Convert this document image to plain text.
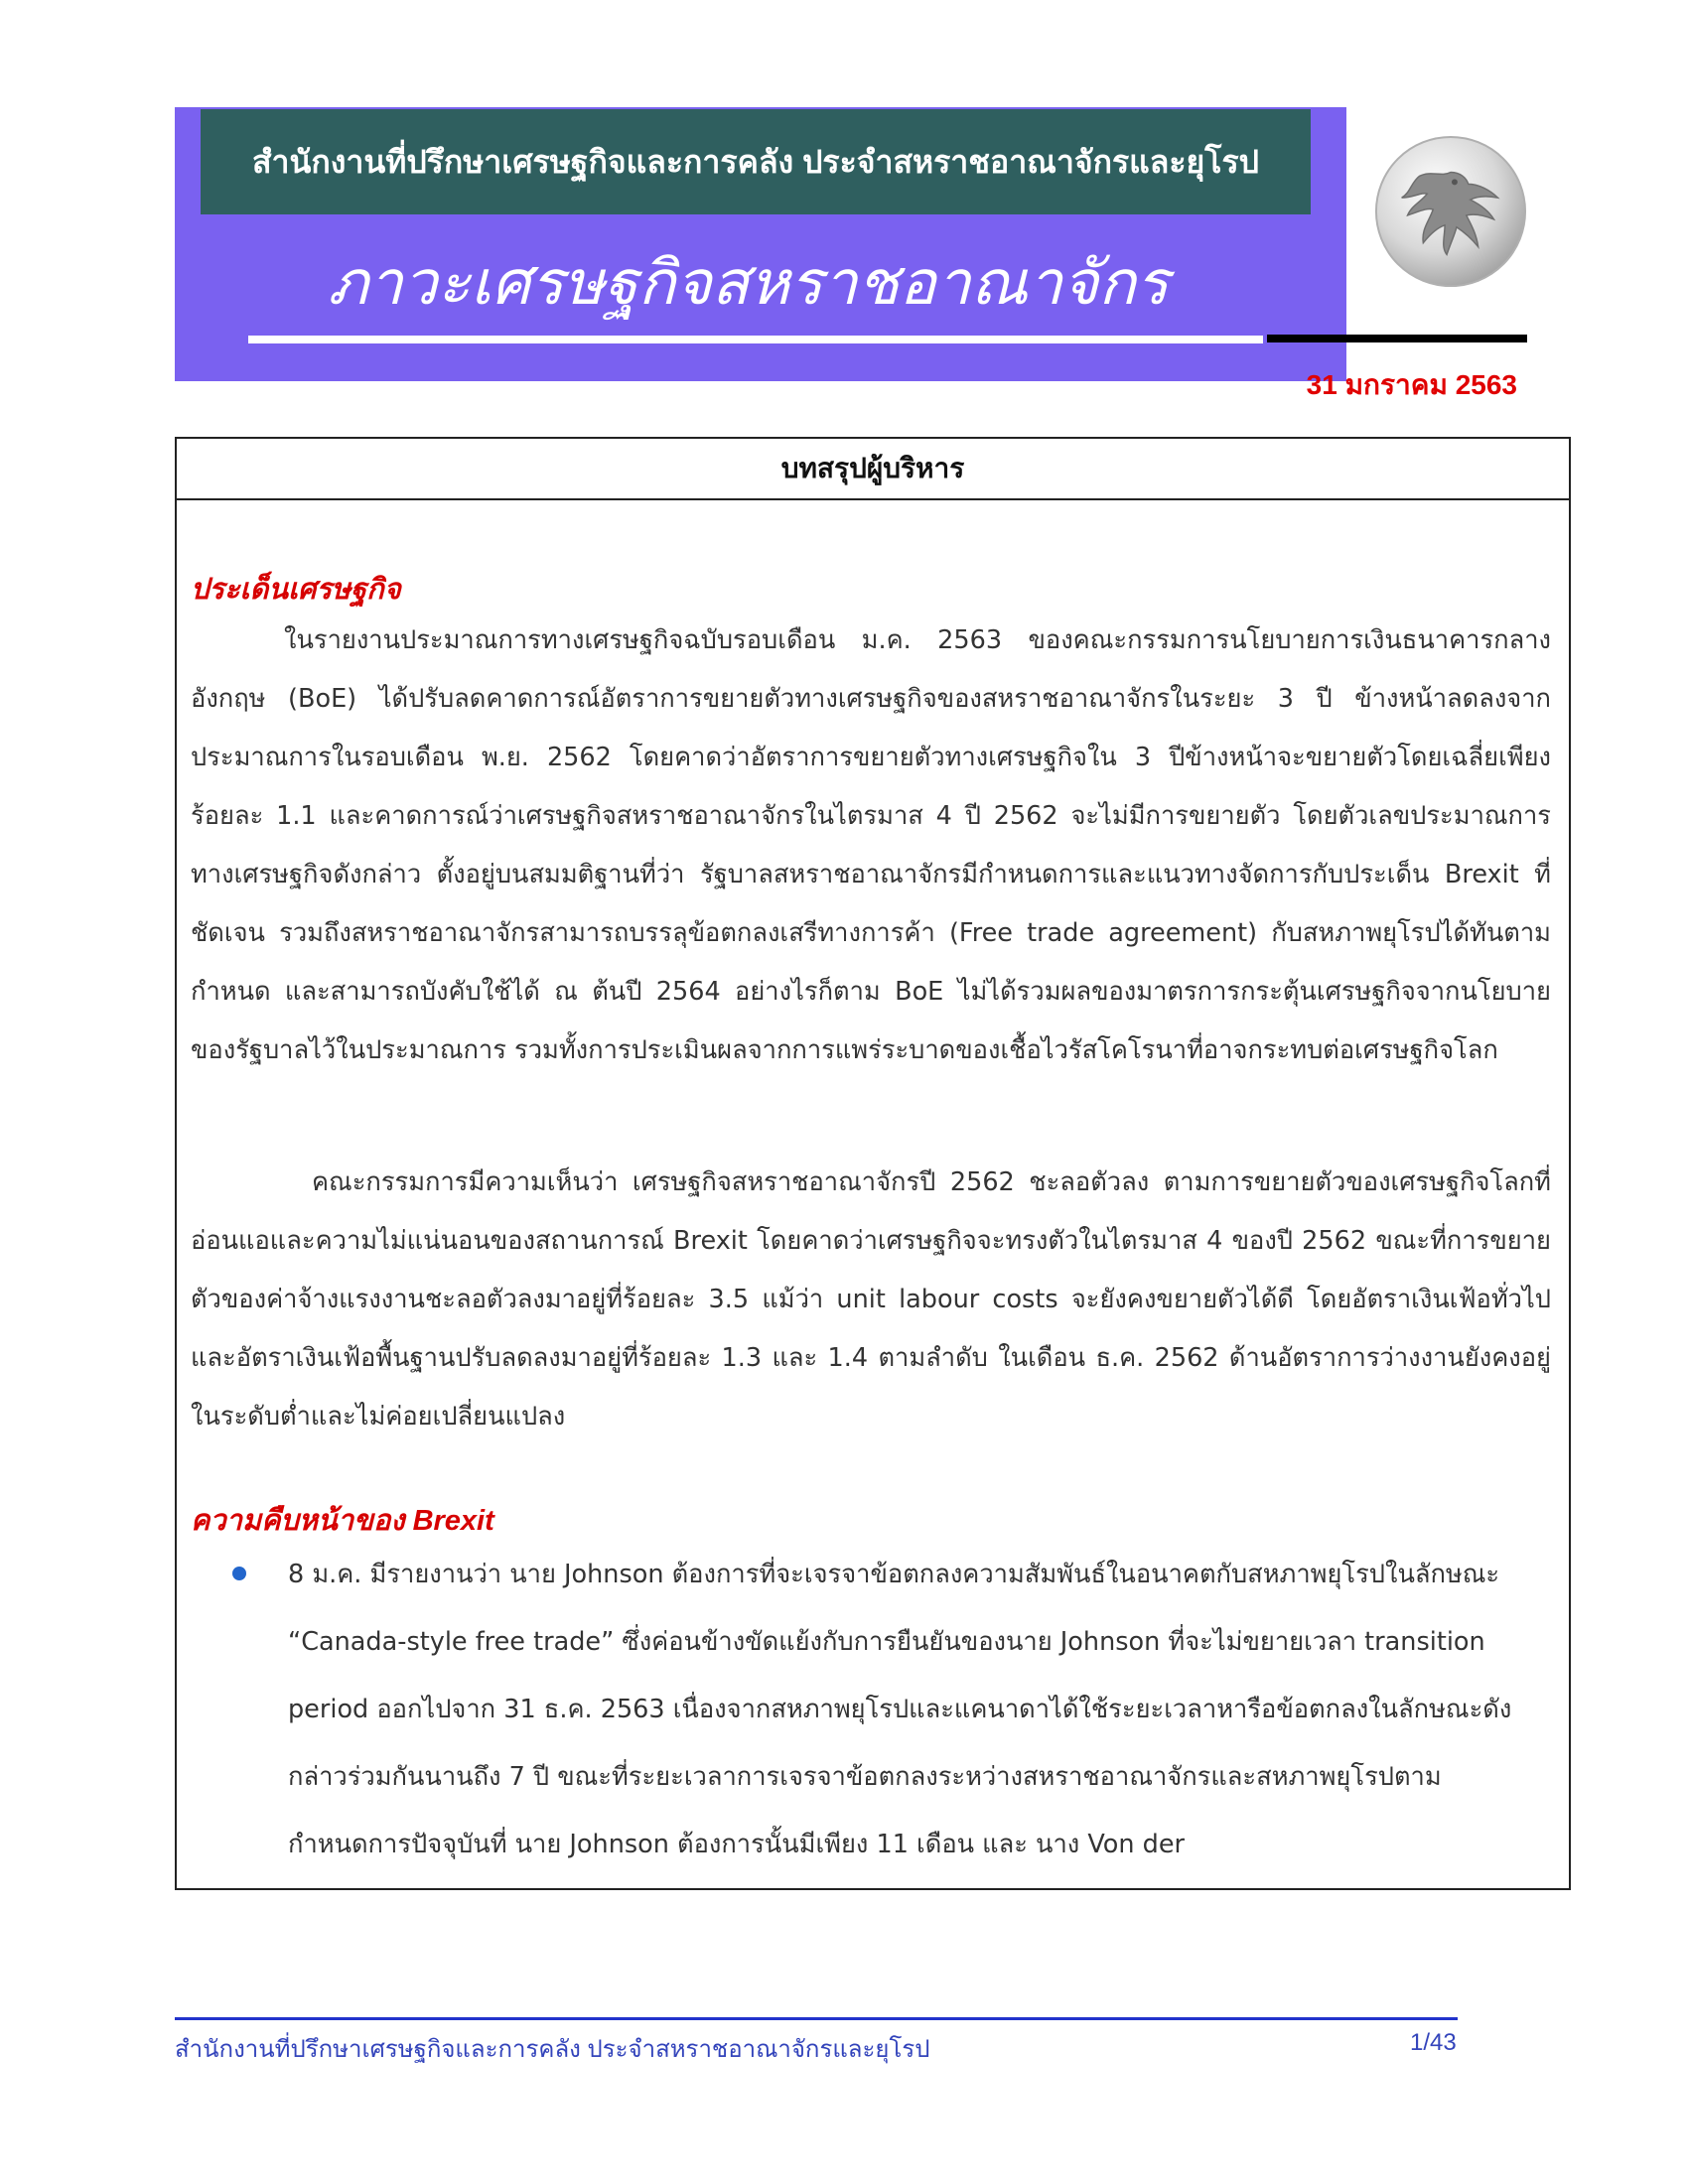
สำนักงานที่ปรึกษาเศรษฐกิจและการคลัง ประจำสหราชอาณาจักรและยุโรป
ภาวะเศรษฐกิจสหราชอาณาจักร
31 มกราคม 2563
บทสรุปผู้บริหาร
ประเด็นเศรษฐกิจ

ในรายงานประมาณการทางเศรษฐกิจฉบับรอบเดือน ม.ค. 2563 ของคณะกรรมการนโยบายการเงินธนาคารกลางอังกฤษ (BoE) ได้ปรับลดคาดการณ์อัตราการขยายตัวทางเศรษฐกิจของสหราชอาณาจักรในระยะ 3 ปี ข้างหน้าลดลงจากประมาณการในรอบเดือน พ.ย. 2562 โดยคาดว่าอัตราการขยายตัวทางเศรษฐกิจใน 3 ปีข้างหน้าจะขยายตัวโดยเฉลี่ยเพียง ร้อยละ 1.1 และคาดการณ์ว่าเศรษฐกิจสหราชอาณาจักรในไตรมาส 4 ปี 2562 จะไม่มีการขยายตัว โดยตัวเลขประมาณการทางเศรษฐกิจดังกล่าว ตั้งอยู่บนสมมติฐานที่ว่า รัฐบาลสหราชอาณาจักรมีกำหนดการและแนวทางจัดการกับประเด็น Brexit ที่ชัดเจน รวมถึงสหราชอาณาจักรสามารถบรรลุข้อตกลงเสรีทางการค้า (Free trade agreement) กับสหภาพยุโรปได้ทันตามกำหนด และสามารถบังคับใช้ได้ ณ ต้นปี 2564 อย่างไรก็ตาม BoE ไม่ได้รวมผลของมาตรการกระตุ้นเศรษฐกิจจากนโยบายของรัฐบาลไว้ในประมาณการ รวมทั้งการประเมินผลจากการแพร่ระบาดของเชื้อไวรัสโคโรนาที่อาจกระทบต่อเศรษฐกิจโลก

คณะกรรมการมีความเห็นว่า เศรษฐกิจสหราชอาณาจักรปี 2562 ชะลอตัวลง ตามการขยายตัวของเศรษฐกิจโลกที่อ่อนแอและความไม่แน่นอนของสถานการณ์ Brexit โดยคาดว่าเศรษฐกิจจะทรงตัวในไตรมาส 4 ของปี 2562 ขณะที่การขยายตัวของค่าจ้างแรงงานชะลอตัวลงมาอยู่ที่ร้อยละ 3.5 แม้ว่า unit labour costs จะยังคงขยายตัวได้ดี โดยอัตราเงินเฟ้อทั่วไปและอัตราเงินเฟ้อพื้นฐานปรับลดลงมาอยู่ที่ร้อยละ 1.3 และ 1.4 ตามลำดับ ในเดือน ธ.ค. 2562 ด้านอัตราการว่างงานยังคงอยู่ในระดับต่ำและไม่ค่อยเปลี่ยนแปลง

ความคืบหน้าของ Brexit

8 ม.ค. มีรายงานว่า นาย Johnson ต้องการที่จะเจรจาข้อตกลงความสัมพันธ์ในอนาคตกับสหภาพยุโรปในลักษณะ “Canada-style free trade” ซึ่งค่อนข้างขัดแย้งกับการยืนยันของนาย Johnson ที่จะไม่ขยายเวลา transition period ออกไปจาก 31 ธ.ค. 2563 เนื่องจากสหภาพยุโรปและแคนาดาได้ใช้ระยะเวลาหารือข้อตกลงในลักษณะดังกล่าวร่วมกันนานถึง 7 ปี ขณะที่ระยะเวลาการเจรจาข้อตกลงระหว่างสหราชอาณาจักรและสหภาพยุโรปตามกำหนดการปัจจุบันที่ นาย Johnson ต้องการนั้นมีเพียง 11 เดือน และ นาง Von der

สำนักงานที่ปรึกษาเศรษฐกิจและการคลัง ประจำสหราชอาณาจักรและยุโรป	1/43
